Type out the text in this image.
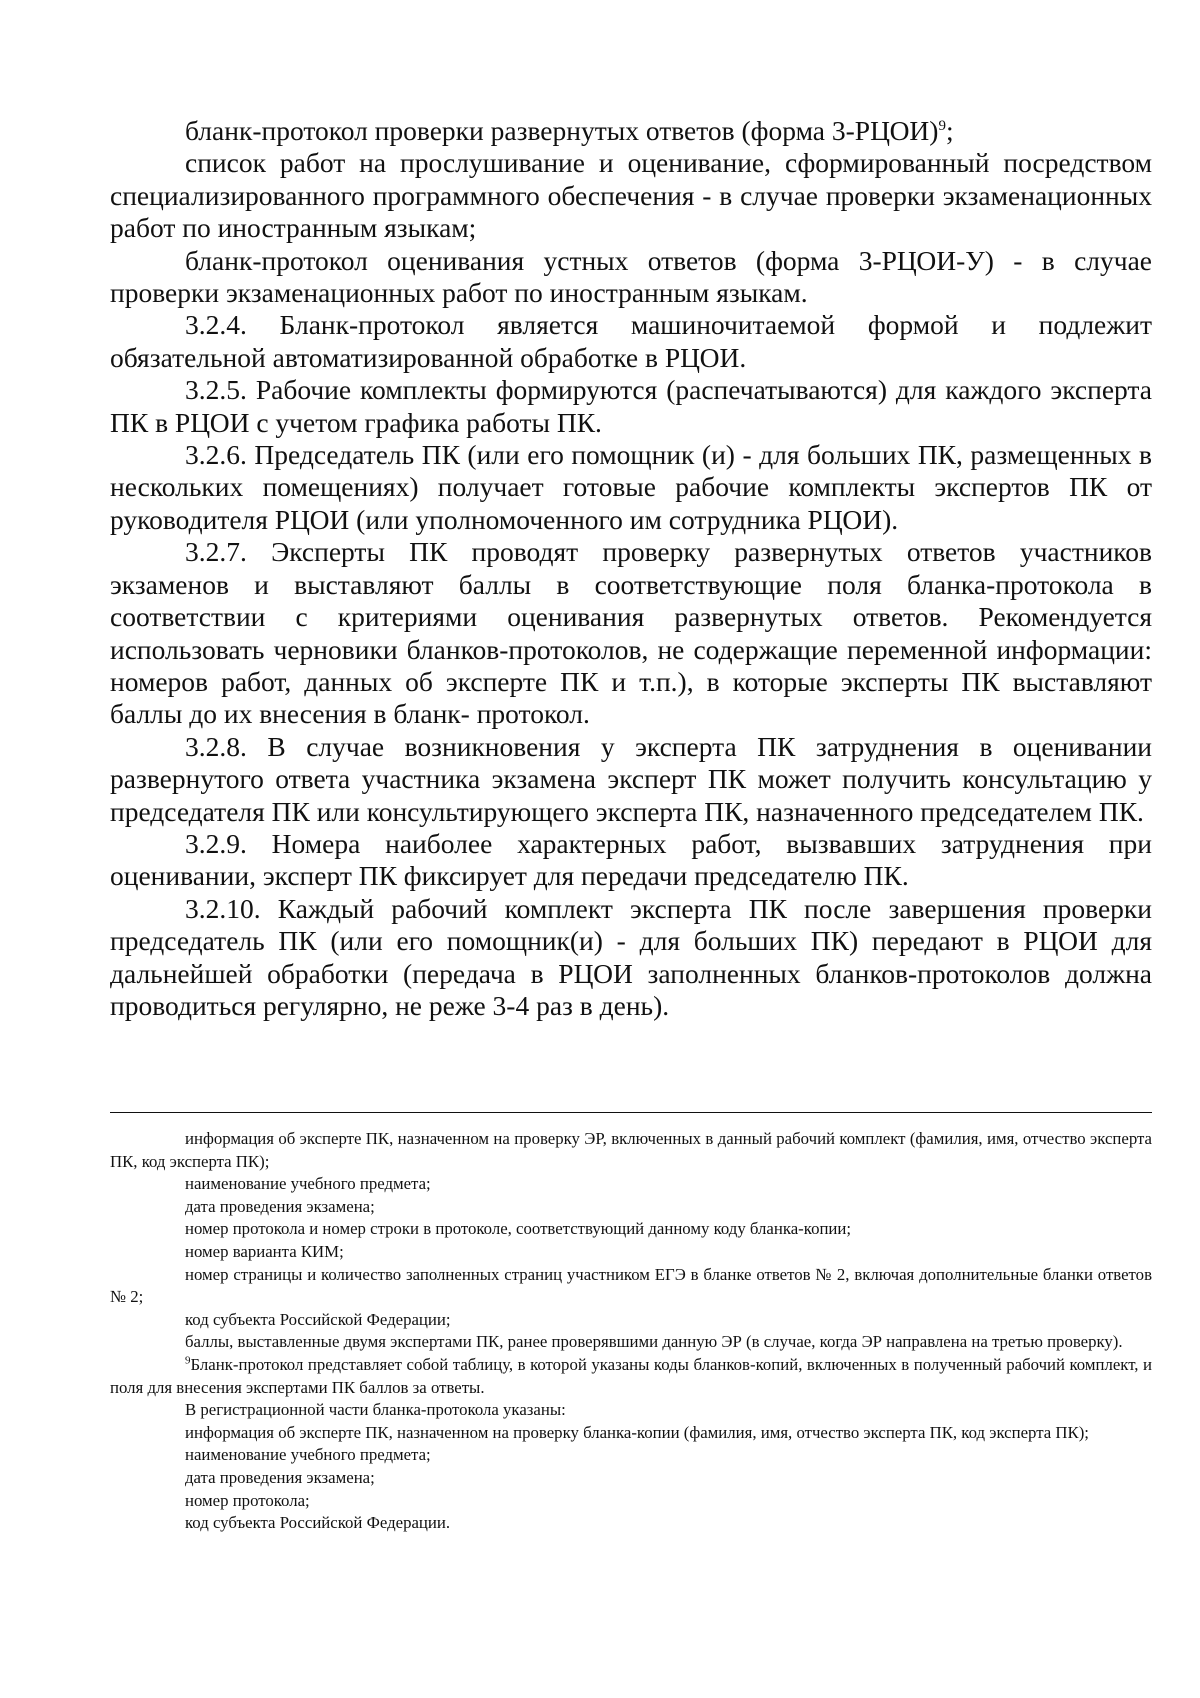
бланк-протокол проверки развернутых ответов (форма 3-РЦОИ)$^9$;

список работ на прослушивание и оценивание, сформированный посредством специализированного программного обеспечения - в случае проверки экзаменационных работ по иностранным языкам;

бланк-протокол оценивания устных ответов (форма 3-РЦОИ-У) - в случае проверки экзаменационных работ по иностранным языкам.

3.2.4. Бланк-протокол является машиночитаемой формой и подлежит обязательной автоматизированной обработке в РЦОИ.

3.2.5. Рабочие комплекты формируются (распечатываются) для каждого эксперта ПК в РЦОИ с учетом графика работы ПК.

3.2.6. Председатель ПК (или его помощник (и) - для больших ПК, размещенных в нескольких помещениях) получает готовые рабочие комплекты экспертов ПК от руководителя РЦОИ (или уполномоченного им сотрудника РЦОИ).

3.2.7. Эксперты ПК проводят проверку развернутых ответов участников экзаменов и выставляют баллы в соответствующие поля бланка-протокола в соответствии с критериями оценивания развернутых ответов. Рекомендуется использовать черновики бланков-протоколов, не содержащие переменной информации: номеров работ, данных об эксперте ПК и т.п.), в которые эксперты ПК выставляют баллы до их внесения в бланк- протокол.

3.2.8. В случае возникновения у эксперта ПК затруднения в оценивании развернутого ответа участника экзамена эксперт ПК может получить консультацию у председателя ПК или консультирующего эксперта ПК, назначенного председателем ПК.

3.2.9. Номера наиболее характерных работ, вызвавших затруднения при оценивании, эксперт ПК фиксирует для передачи председателю ПК.

3.2.10. Каждый рабочий комплект эксперта ПК после завершения проверки председатель ПК (или его помощник(и) - для больших ПК) передают в РЦОИ для дальнейшей обработки (передача в РЦОИ заполненных бланков-протоколов должна проводиться регулярно, не реже 3-4 раз в день).

информация об эксперте ПК, назначенном на проверку ЭР, включенных в данный рабочий комплект (фамилия, имя, отчество эксперта ПК, код эксперта ПК);

наименование учебного предмета;

дата проведения экзамена;

номер протокола и номер строки в протоколе, соответствующий данному коду бланка-копии;

номер варианта КИМ;

номер страницы и количество заполненных страниц участником ЕГЭ в бланке ответов № 2, включая дополнительные бланки ответов № 2;

код субъекта Российской Федерации;

баллы, выставленные двумя экспертами ПК, ранее проверявшими данную ЭР (в случае, когда ЭР направлена на третью проверку).

$^9$Бланк-протокол представляет собой таблицу, в которой указаны коды бланков-копий, включенных в полученный рабочий комплект, и поля для внесения экспертами ПК баллов за ответы.

В регистрационной части бланка-протокола указаны:

информация об эксперте ПК, назначенном на проверку бланка-копии (фамилия, имя, отчество эксперта ПК, код эксперта ПК);

наименование учебного предмета;

дата проведения экзамена;

номер протокола;

код субъекта Российской Федерации.
